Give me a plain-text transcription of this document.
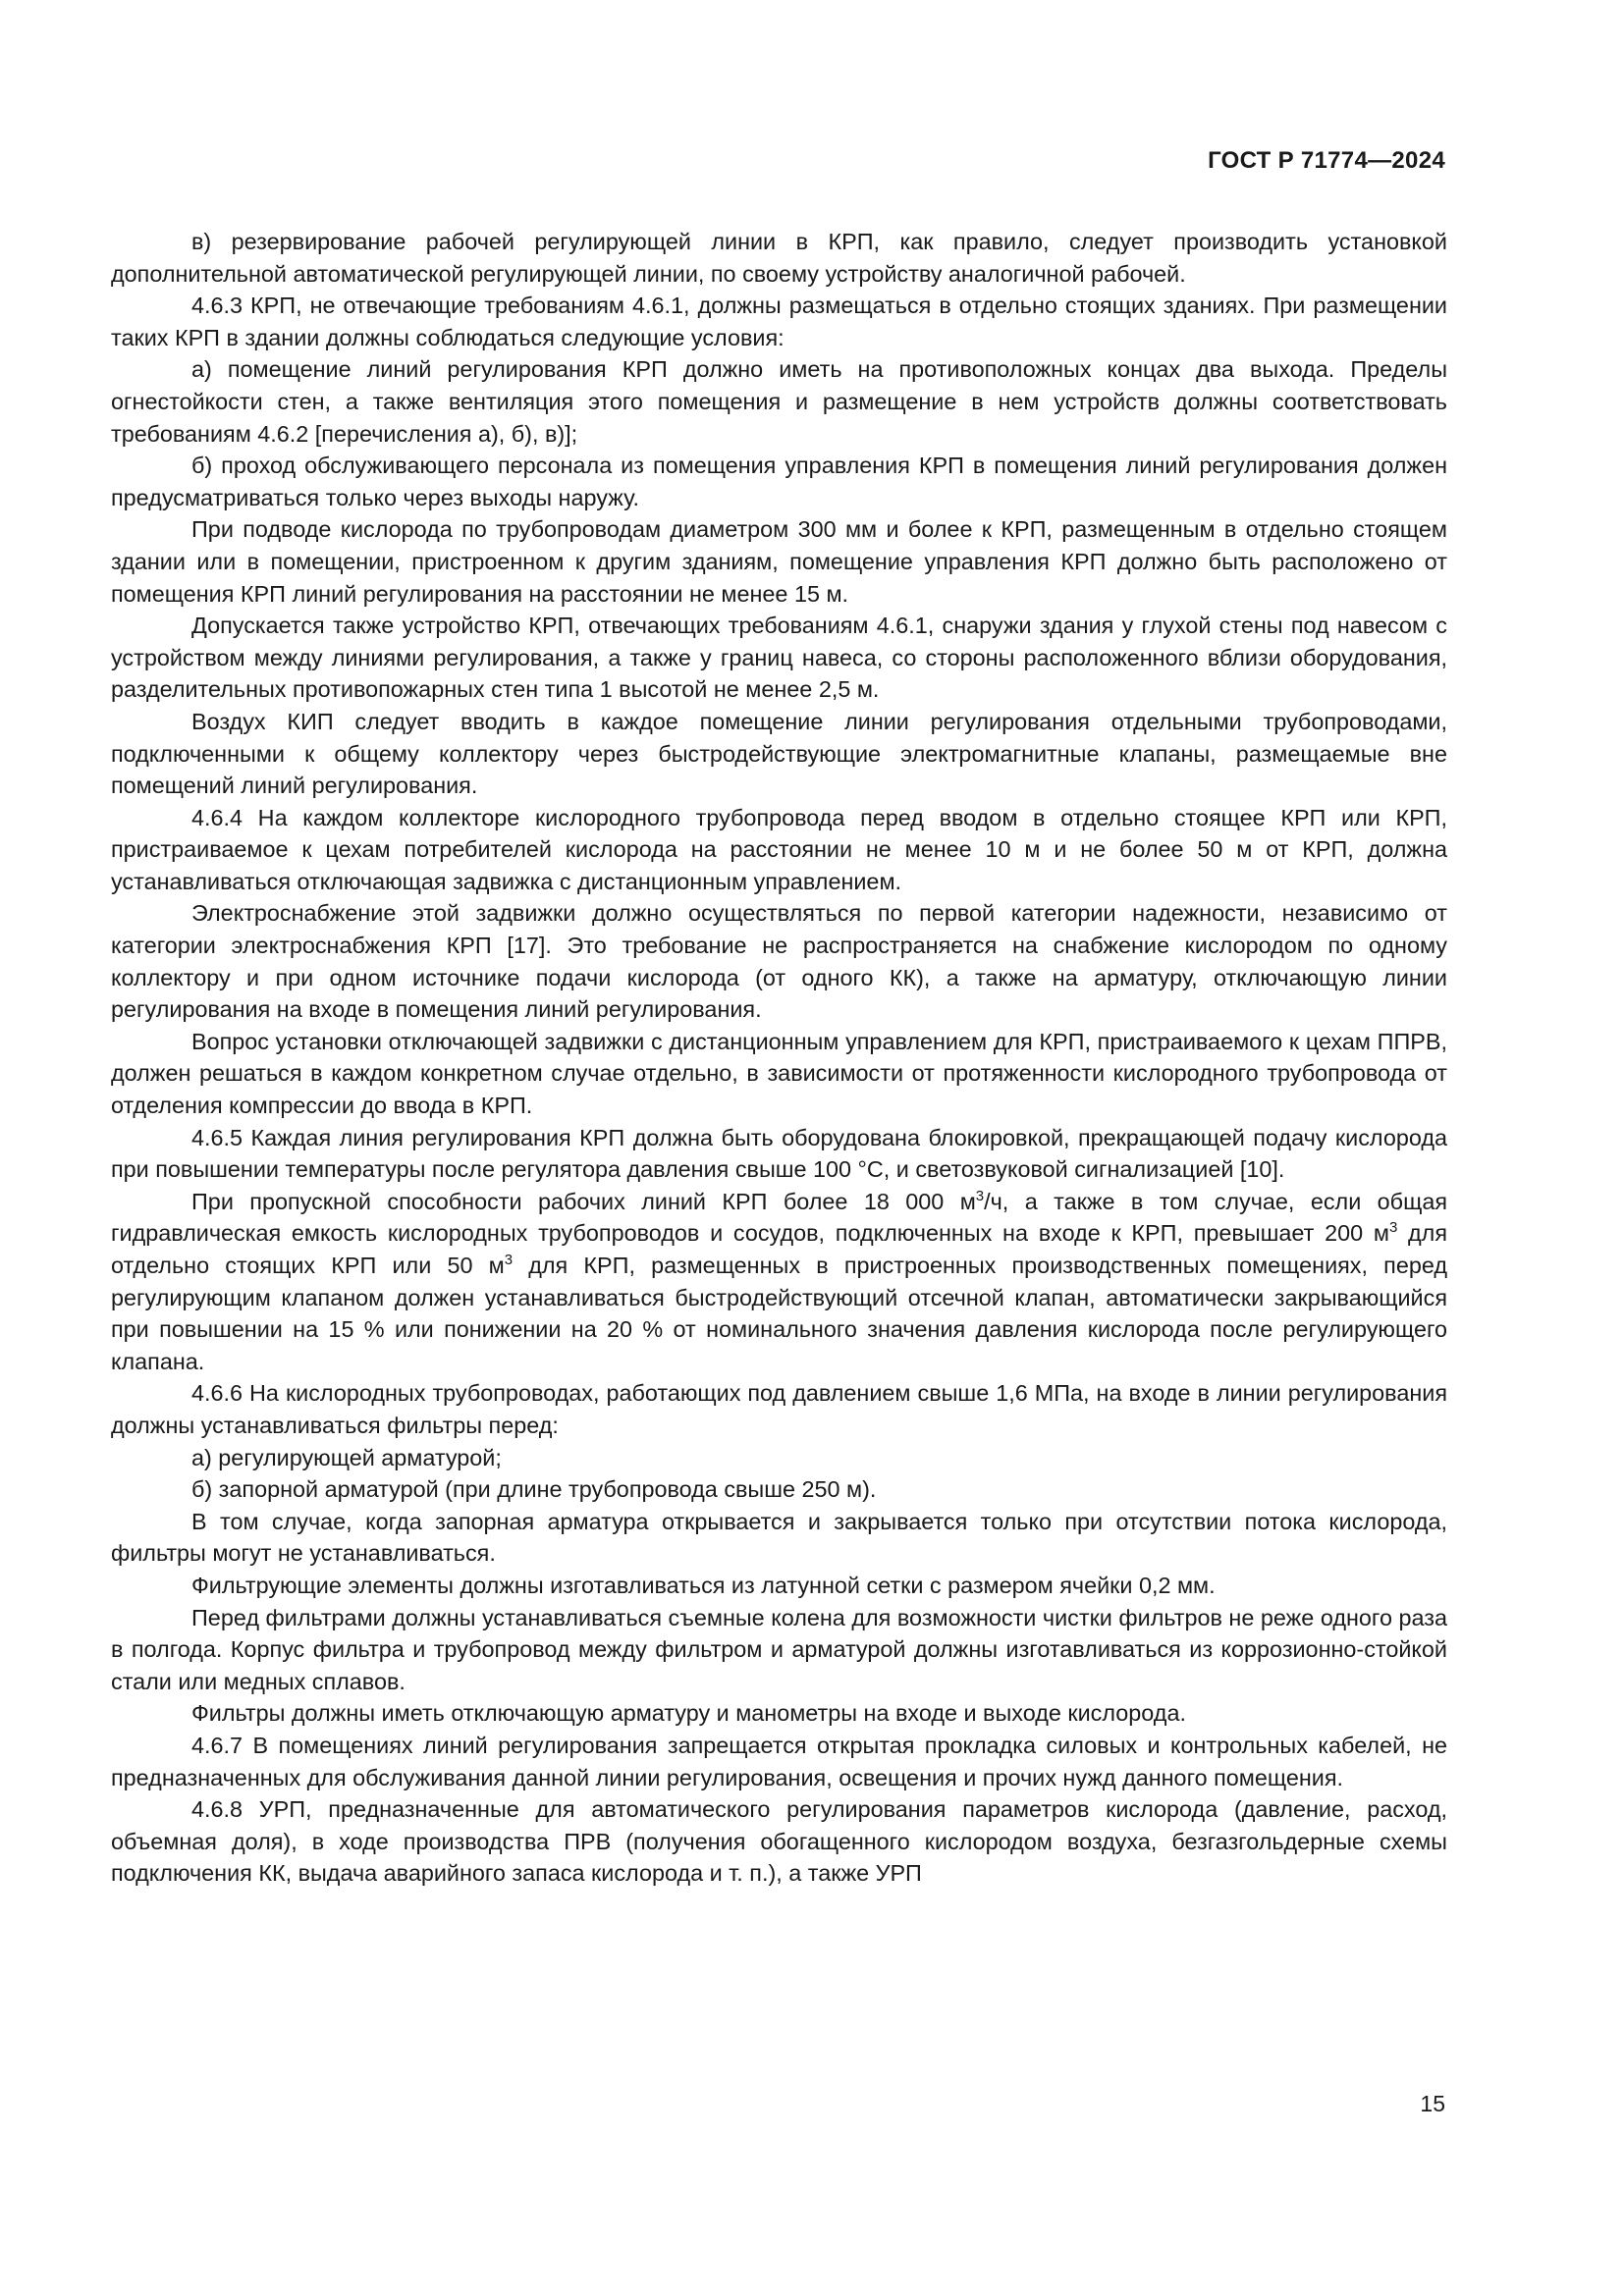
ГОСТ Р 71774—2024

в) резервирование рабочей регулирующей линии в КРП, как правило, следует производить установкой дополнительной автоматической регулирующей линии, по своему устройству аналогичной рабочей.

4.6.3 КРП, не отвечающие требованиям 4.6.1, должны размещаться в отдельно стоящих зданиях. При размещении таких КРП в здании должны соблюдаться следующие условия:

а) помещение линий регулирования КРП должно иметь на противоположных концах два выхода. Пределы огнестойкости стен, а также вентиляция этого помещения и размещение в нем устройств должны соответствовать требованиям 4.6.2 [перечисления а), б), в)];

б) проход обслуживающего персонала из помещения управления КРП в помещения линий регулирования должен предусматриваться только через выходы наружу.

При подводе кислорода по трубопроводам диаметром 300 мм и более к КРП, размещенным в отдельно стоящем здании или в помещении, пристроенном к другим зданиям, помещение управления КРП должно быть расположено от помещения КРП линий регулирования на расстоянии не менее 15 м.

Допускается также устройство КРП, отвечающих требованиям 4.6.1, снаружи здания у глухой стены под навесом с устройством между линиями регулирования, а также у границ навеса, со стороны расположенного вблизи оборудования, разделительных противопожарных стен типа 1 высотой не менее 2,5 м.

Воздух КИП следует вводить в каждое помещение линии регулирования отдельными трубопроводами, подключенными к общему коллектору через быстродействующие электромагнитные клапаны, размещаемые вне помещений линий регулирования.

4.6.4 На каждом коллекторе кислородного трубопровода перед вводом в отдельно стоящее КРП или КРП, пристраиваемое к цехам потребителей кислорода на расстоянии не менее 10 м и не более 50 м от КРП, должна устанавливаться отключающая задвижка с дистанционным управлением.

Электроснабжение этой задвижки должно осуществляться по первой категории надежности, независимо от категории электроснабжения КРП [17]. Это требование не распространяется на снабжение кислородом по одному коллектору и при одном источнике подачи кислорода (от одного КК), а также на арматуру, отключающую линии регулирования на входе в помещения линий регулирования.

Вопрос установки отключающей задвижки с дистанционным управлением для КРП, пристраиваемого к цехам ППРВ, должен решаться в каждом конкретном случае отдельно, в зависимости от протяженности кислородного трубопровода от отделения компрессии до ввода в КРП.

4.6.5 Каждая линия регулирования КРП должна быть оборудована блокировкой, прекращающей подачу кислорода при повышении температуры после регулятора давления свыше 100 °С, и светозвуковой сигнализацией [10].

При пропускной способности рабочих линий КРП более 18 000 $м^3/ч$, а также в том случае, если общая гидравлическая емкость кислородных трубопроводов и сосудов, подключенных на входе к КРП, превышает 200 $м^3$ для отдельно стоящих КРП или 50 $м^3$ для КРП, размещенных в пристроенных производственных помещениях, перед регулирующим клапаном должен устанавливаться быстродействующий отсечной клапан, автоматически закрывающийся при повышении на 15 % или понижении на 20 % от номинального значения давления кислорода после регулирующего клапана.

4.6.6 На кислородных трубопроводах, работающих под давлением свыше 1,6 МПа, на входе в линии регулирования должны устанавливаться фильтры перед:

а) регулирующей арматурой;

б) запорной арматурой (при длине трубопровода свыше 250 м).

В том случае, когда запорная арматура открывается и закрывается только при отсутствии потока кислорода, фильтры могут не устанавливаться.

Фильтрующие элементы должны изготавливаться из латунной сетки с размером ячейки 0,2 мм.

Перед фильтрами должны устанавливаться съемные колена для возможности чистки фильтров не реже одного раза в полгода. Корпус фильтра и трубопровод между фильтром и арматурой должны изготавливаться из коррозионно-стойкой стали или медных сплавов.

Фильтры должны иметь отключающую арматуру и манометры на входе и выходе кислорода.

4.6.7 В помещениях линий регулирования запрещается открытая прокладка силовых и контрольных кабелей, не предназначенных для обслуживания данной линии регулирования, освещения и прочих нужд данного помещения.

4.6.8 УРП, предназначенные для автоматического регулирования параметров кислорода (давление, расход, объемная доля), в ходе производства ПРВ (получения обогащенного кислородом воздуха, безгазгольдерные схемы подключения КК, выдача аварийного запаса кислорода и т. п.), а также УРП

15
